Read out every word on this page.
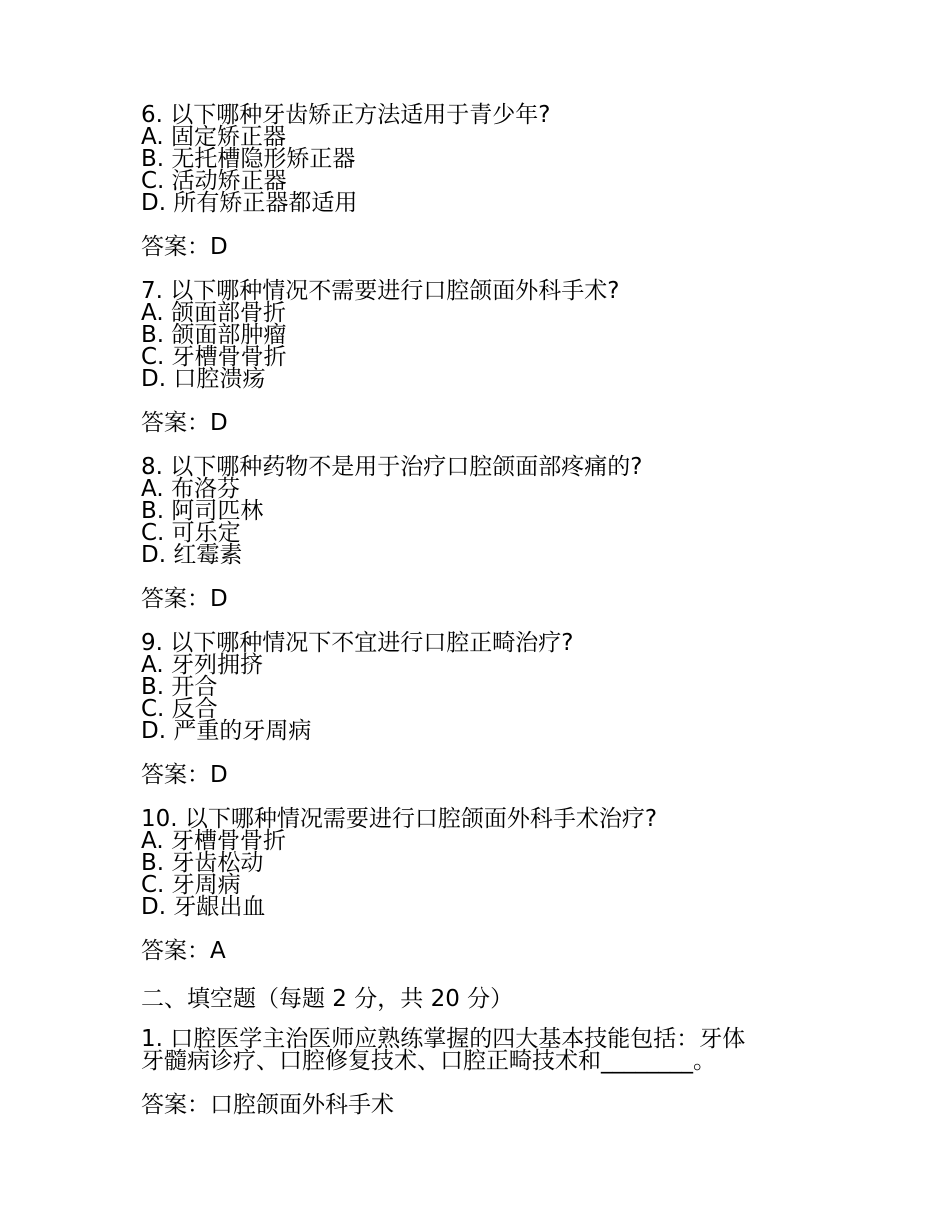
6. 以下哪种牙齿矫正方法适用于青少年?
A. 固定矫正器
B. 无托槽隐形矫正器
C. 活动矫正器
D. 所有矫正器都适用
答案：D
7. 以下哪种情况不需要进行口腔颌面外科手术?
A. 颌面部骨折
B. 颌面部肿瘤
C. 牙槽骨骨折
D. 口腔溃疡
答案：D
8. 以下哪种药物不是用于治疗口腔颌面部疼痛的?
A. 布洛芬
B. 阿司匹林
C. 可乐定
D. 红霉素
答案：D
9. 以下哪种情况下不宜进行口腔正畸治疗?
A. 牙列拥挤
B. 开合
C. 反合
D. 严重的牙周病
答案：D
10. 以下哪种情况需要进行口腔颌面外科手术治疗?
A. 牙槽骨骨折
B. 牙齿松动
C. 牙周病
D. 牙龈出血
答案：A
二、填空题（每题 2 分，共 20 分）
1. 口腔医学主治医师应熟练掌握的四大基本技能包括：牙体
牙髓病诊疗、口腔修复技术、口腔正畸技术和________。
答案：口腔颌面外科手术
